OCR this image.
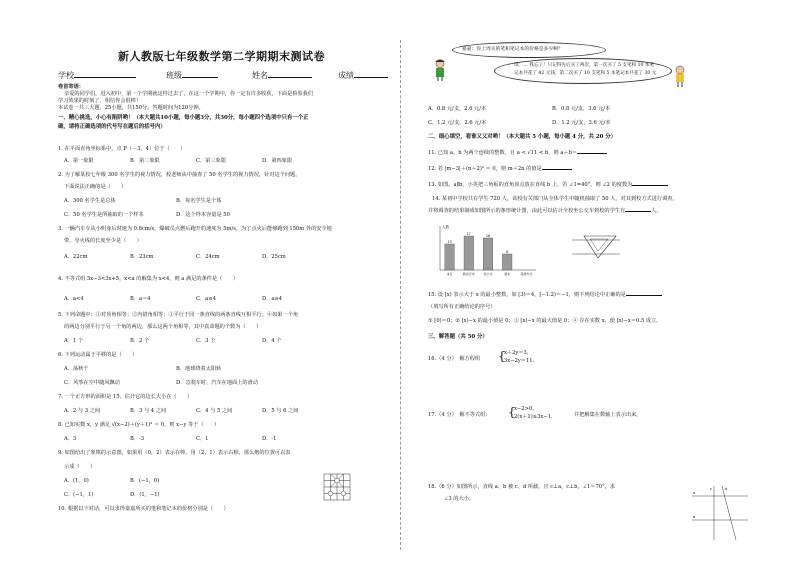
新人教版七年级数学第二学期期末测试卷
学校	班级	姓名	成绩
卷首寄语：
亲爱的同学们，进入初中，第一个学期就这样过去了，在这一个学期中，你一定有许多收获，下面是检验我们
学习效果的时刻了，相信你会很棒！
本试卷一共三大题，25小题，共150分，答题时间为120分钟。
一、精心挑选，小心有陷阱哟！（本大题共10小题，每小题3分，共30分，每小题四个选项中只有一个正
确，请将正确选项的代号写在题后的括号内）
1. 在平面直角坐标系中，点 P（－3，4）位于（　　）
A．第一象限	B．第二象限	C．第三象限	D．第四象限
2. 为了解某校七年级 300 名学生的视力情况，校老师从中抽查了 50 名学生的视力情况，针对这个问题，
下面说法正确的是（　　）
A．300 名学生是总体	B．每名学生是个体
C．50 名学生是所抽取的一个样本	D．这个样本容量是 50
3. 一辆汽车车从小明身后时速为 0.8cm/s，爆破员点燃后跑开的速度为 5m/s，为了点火后能够跑到 150m 外的安全地
带，导火线的长度至少是（　　）
A．22cm	B．23cm	C．24cm	D．25cm
4. 不等式组 5x−3<3x+5，x<a 的解集为 x<4，则 a 满足的条件是（　　）
A．a<4	B．a＝4	C．a≤4	D．a≥4
5. 下列命题中：①对顶角相等；②内错角相等；③平行于同一条直线的两条直线互相平行；④如果一个角
的两边分别平行于另一个角的两边，那么这两个角相等，其中真命题的个数为（　　）
A．1 个	B．2 个	C．3 个	D．4 个
6. 下列运动属于平移的是（　　）
A．荡秋千	B．地球绕着太阳转
C．风筝在空中随风飘动	D．急刹车时，汽车在地面上的滑动
7. 一个正方形的面积是 15，估计它的边长大小在（　　）
A．2 与 3 之间	B．3 与 4 之间	C．4 与 5 之间	D．5 与 6 之间
8. 已知实数 x，y 满足 √(x−2)＋(y＋1)² ＝ 0，则 x−y 等于（　　）
A．3	B．-3	C．1	D．-1
9. 如图给出了象棋的示意图，如果用（0，2）表示在帅，用（2，1）表示右相，那么炮的位置可以表
示成（　　）
A．(1，0)	B．(−1，0)
C．(−1，1)	D．(1，−1)
10. 根据以下对话，可以求得嘉嘉所买的笔和笔记本的价格分别是（　　）
嘉嘉：你上周买的笔和笔记本的价格是多少啊？
琪：… 我忘了！只记得先后买了两次，第一次买了 5 支笔和 10 本笔
记本共花了 42 元钱，第二次买了 10 支笔和 5 本笔记本共花了 30 元
A．0.8 元/支，2.6 元/本	B．0.8 元/支，3.6 元/本
C．1.2 元/支，2.6 元/本	D．1.2 元/支，3.6 元/本
二、细心填空，看谁又又对哟！（本大题共 5 小题，每小题 4 分，共 20 分）
11. 已知 a、b 为两个连续的整数，且 a < √11 < b，则 a＋b＝
12. 若 |m−3|＋(n＋2)² ＝ 0，则 m＋2n 的值是
13. 如图，a∥b，小英把三角板的直角顶点放在直线 b 上，若 ∠1=40°，则 ∠2 的度数为
14. 某初中学校共有学生 720 人，该校有关部门从全体学生中随机抽取了 50 人，对其到校方式进行调查，
并将调查的结果制成如图所示的条形统计图，由此可以估计全校坐公交车到校的学生有	人。
人数
13
步行
17
骑自行车
16
坐公交
8
乘车	其他方式
15. 设 [x) 表示大于 x 的最小整数，如 [3)＝4，[−1.2)＝−1，则下列结论中正确的是
（填写所有正确结论的序号）
① [0)＝0；② [x)−x 的最小值是 0；③ [x)−x 的最大值是 0；④ 存在实数 x，使 [x)−x＝0.5 成立。
三、解答题（共 50 分）
16.（4 分）　解方程组 {
x＋2y＝3，
3x−2y＝11.
17.（4 分）　解不等式组： {
x−2>0，
2(x＋1)≥3x−1.	并把解集在数轴上表示出来。
18.（6 分）如图所示，直线 a、b 被 c、d 所截，且 c⊥a，c⊥b，∠1＝70°，求
∠3 的大小。
a
b
c	d
